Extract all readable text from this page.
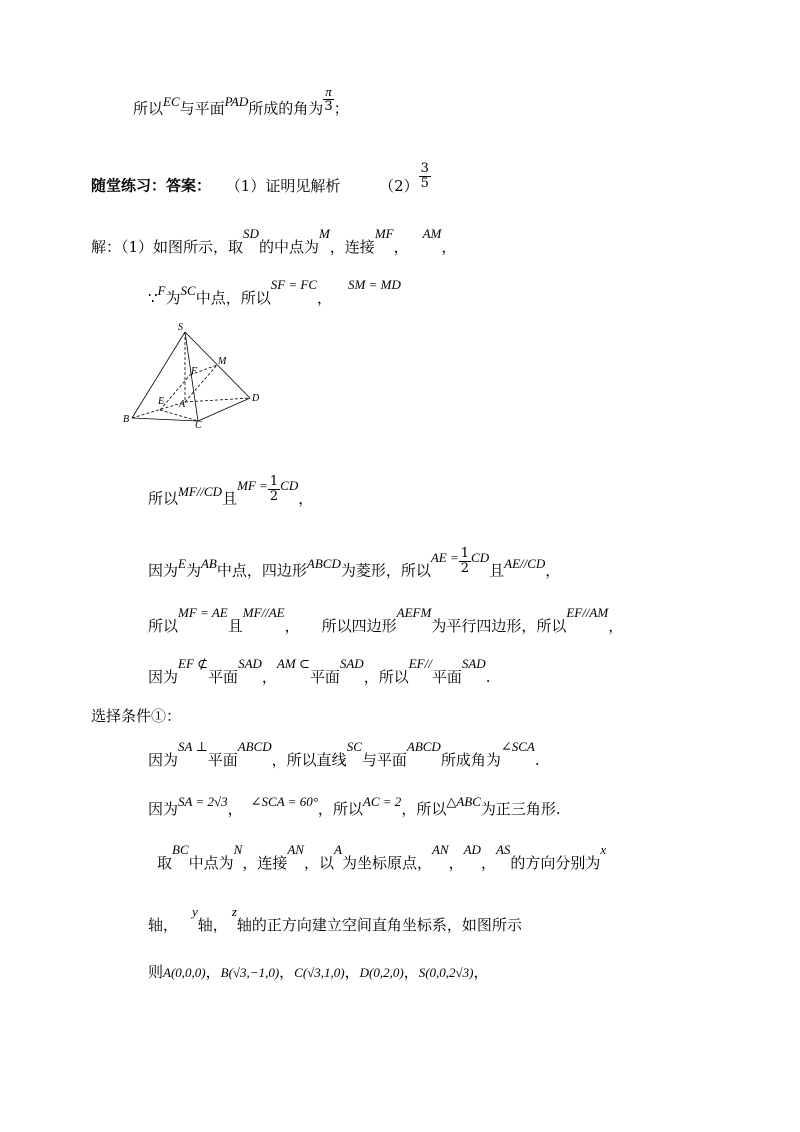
所以EC与平面PAD所成的角为 $\frac{\pi}{3}$ ；
随堂练习：答案： （1）证明见解析	$(2) \frac{3}{5}$
解：（1）如图所示，取SD的中点为M，连接MF，AM，
∵F为SC中点，所以SF = FC，SM = MD
S
M
F
E A
D
B
C
所以MF//CD且MF = $\frac{1}{2}$ CD，
因为E为AB中点，四边形ABCD为菱形，所以AE = $\frac{1}{2}$ CD且AE//CD，
所以MF = AE且MF//AE， 所以四边形AEFM为平行四边形，所以EF//AM，
因为EF ⊄平面SAD，AM ⊂平面SAD，所以EF//平面SAD.
选择条件①：
因为SA ⊥平面ABCD，所以直线SC与平面ABCD所成角为∠SCA.
因为SA = 2√3， ∠SCA = 60°，所以AC = 2，所以△ABC为正三角形.
取BC中点为N，连接AN，以A为坐标原点，AN，AD，AS的方向分别为x
轴，y轴，z轴的正方向建立空间直角坐标系，如图所示
则A(0,0,0)，B(√3,−1,0)，C(√3,1,0)，D(0,2,0)，S(0,0,2√3)，
